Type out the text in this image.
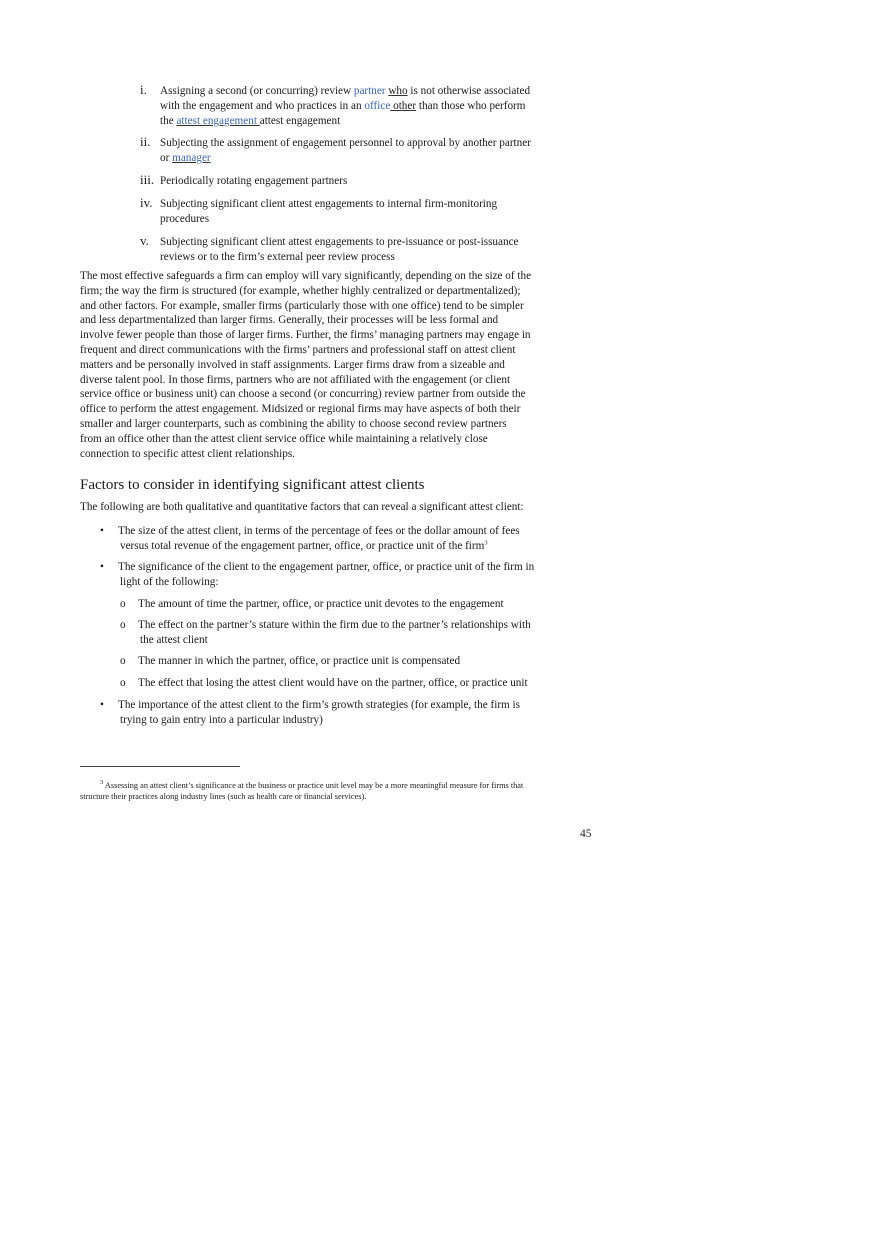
i. Assigning a second (or concurring) review partner who is not otherwise associated
with the engagement and who practices in an office other than those who perform
the attest engagement attest engagement
ii. Subjecting the assignment of engagement personnel to approval by another partner
or manager
iii. Periodically rotating engagement partners
iv. Subjecting significant client attest engagements to internal firm-monitoring
procedures
v. Subjecting significant client attest engagements to pre-issuance or post-issuance
reviews or to the firm’s external peer review process
The most effective safeguards a firm can employ will vary significantly, depending on the size of the
firm; the way the firm is structured (for example, whether highly centralized or departmentalized);
and other factors. For example, smaller firms (particularly those with one office) tend to be simpler
and less departmentalized than larger firms. Generally, their processes will be less formal and
involve fewer people than those of larger firms. Further, the firms’ managing partners may engage in
frequent and direct communications with the firms’ partners and professional staff on attest client
matters and be personally involved in staff assignments. Larger firms draw from a sizeable and
diverse talent pool. In those firms, partners who are not affiliated with the engagement (or client
service office or business unit) can choose a second (or concurring) review partner from outside the
office to perform the attest engagement. Midsized or regional firms may have aspects of both their
smaller and larger counterparts, such as combining the ability to choose second review partners
from an office other than the attest client service office while maintaining a relatively close
connection to specific attest client relationships.
Factors to consider in identifying significant attest clients
The following are both qualitative and quantitative factors that can reveal a significant attest client:
•	The size of the attest client, in terms of the percentage of fees or the dollar amount of fees
versus total revenue of the engagement partner, office, or practice unit of the firm$^3$
•	The significance of the client to the engagement partner, office, or practice unit of the firm in
light of the following:
o	The amount of time the partner, office, or practice unit devotes to the engagement
o	The effect on the partner’s stature within the firm due to the partner’s relationships with
the attest client
o	The manner in which the partner, office, or practice unit is compensated
o	The effect that losing the attest client would have on the partner, office, or practice unit
•	The importance of the attest client to the firm’s growth strategies (for example, the firm is
trying to gain entry into a particular industry)
$^3$ Assessing an attest client’s significance at the business or practice unit level may be a more meaningful measure for firms that
structure their practices along industry lines (such as health care or financial services).
45
